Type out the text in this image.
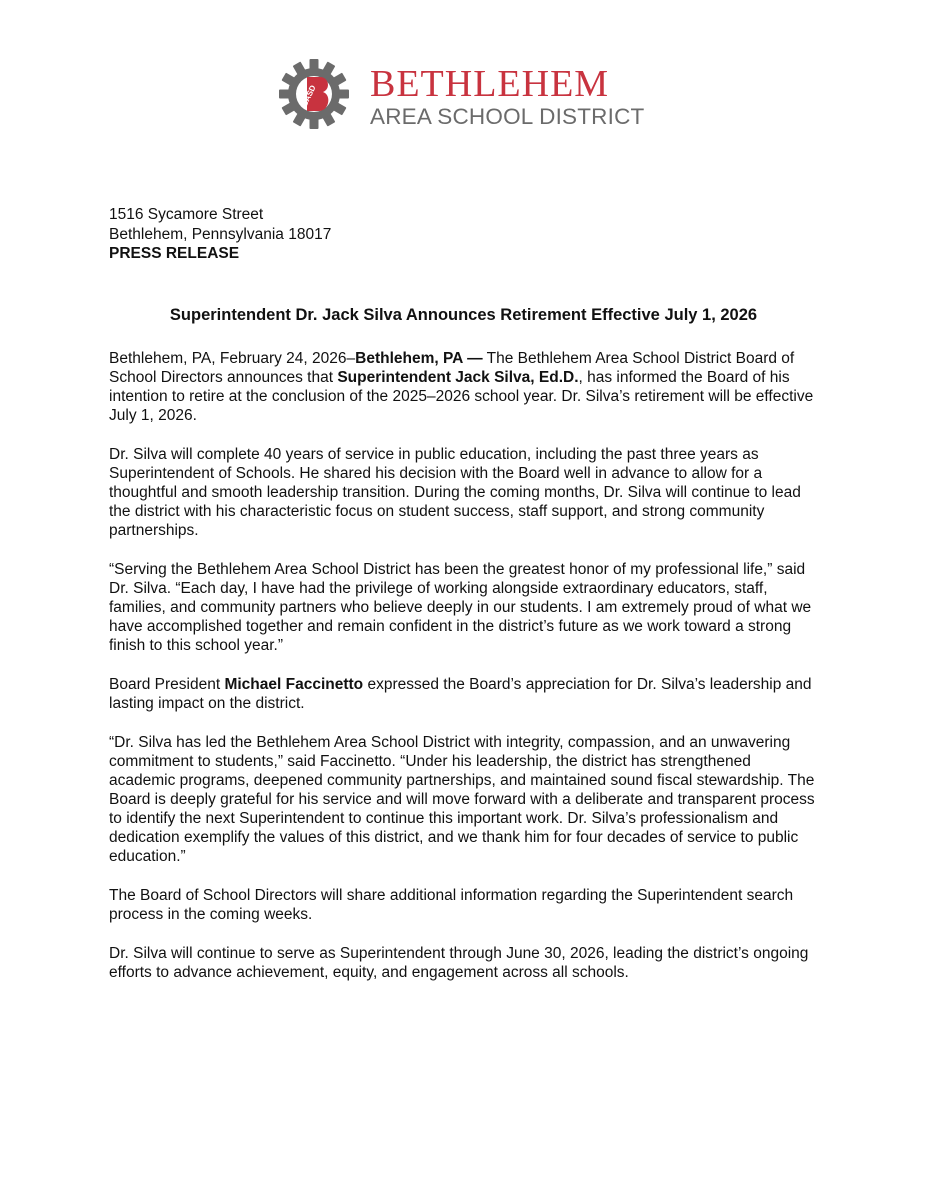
BASD BETHLEHEM

AREA SCHOOL DISTRICT

1516 Sycamore Street
Bethlehem, Pennsylvania 18017
PRESS RELEASE
Superintendent Dr. Jack Silva Announces Retirement Effective July 1, 2026

Bethlehem, PA, February 24, 2026–Bethlehem, PA — The Bethlehem Area School District Board of School Directors announces that Superintendent Jack Silva, Ed.D., has informed the Board of his intention to retire at the conclusion of the 2025–2026 school year. Dr. Silva’s retirement will be effective July 1, 2026.

Dr. Silva will complete 40 years of service in public education, including the past three years as Superintendent of Schools. He shared his decision with the Board well in advance to allow for a thoughtful and smooth leadership transition. During the coming months, Dr. Silva will continue to lead the district with his characteristic focus on student success, staff support, and strong community partnerships.

“Serving the Bethlehem Area School District has been the greatest honor of my professional life,” said Dr. Silva. “Each day, I have had the privilege of working alongside extraordinary educators, staff, families, and community partners who believe deeply in our students. I am extremely proud of what we have accomplished together and remain confident in the district’s future as we work toward a strong finish to this school year.”

Board President Michael Faccinetto expressed the Board’s appreciation for Dr. Silva’s leadership and lasting impact on the district.

“Dr. Silva has led the Bethlehem Area School District with integrity, compassion, and an unwavering commitment to students,” said Faccinetto. “Under his leadership, the district has strengthened academic programs, deepened community partnerships, and maintained sound fiscal stewardship. The Board is deeply grateful for his service and will move forward with a deliberate and transparent process to identify the next Superintendent to continue this important work. Dr. Silva’s professionalism and dedication exemplify the values of this district, and we thank him for four decades of service to public education.”

The Board of School Directors will share additional information regarding the Superintendent search process in the coming weeks.

Dr. Silva will continue to serve as Superintendent through June 30, 2026, leading the district’s ongoing efforts to advance achievement, equity, and engagement across all schools.
